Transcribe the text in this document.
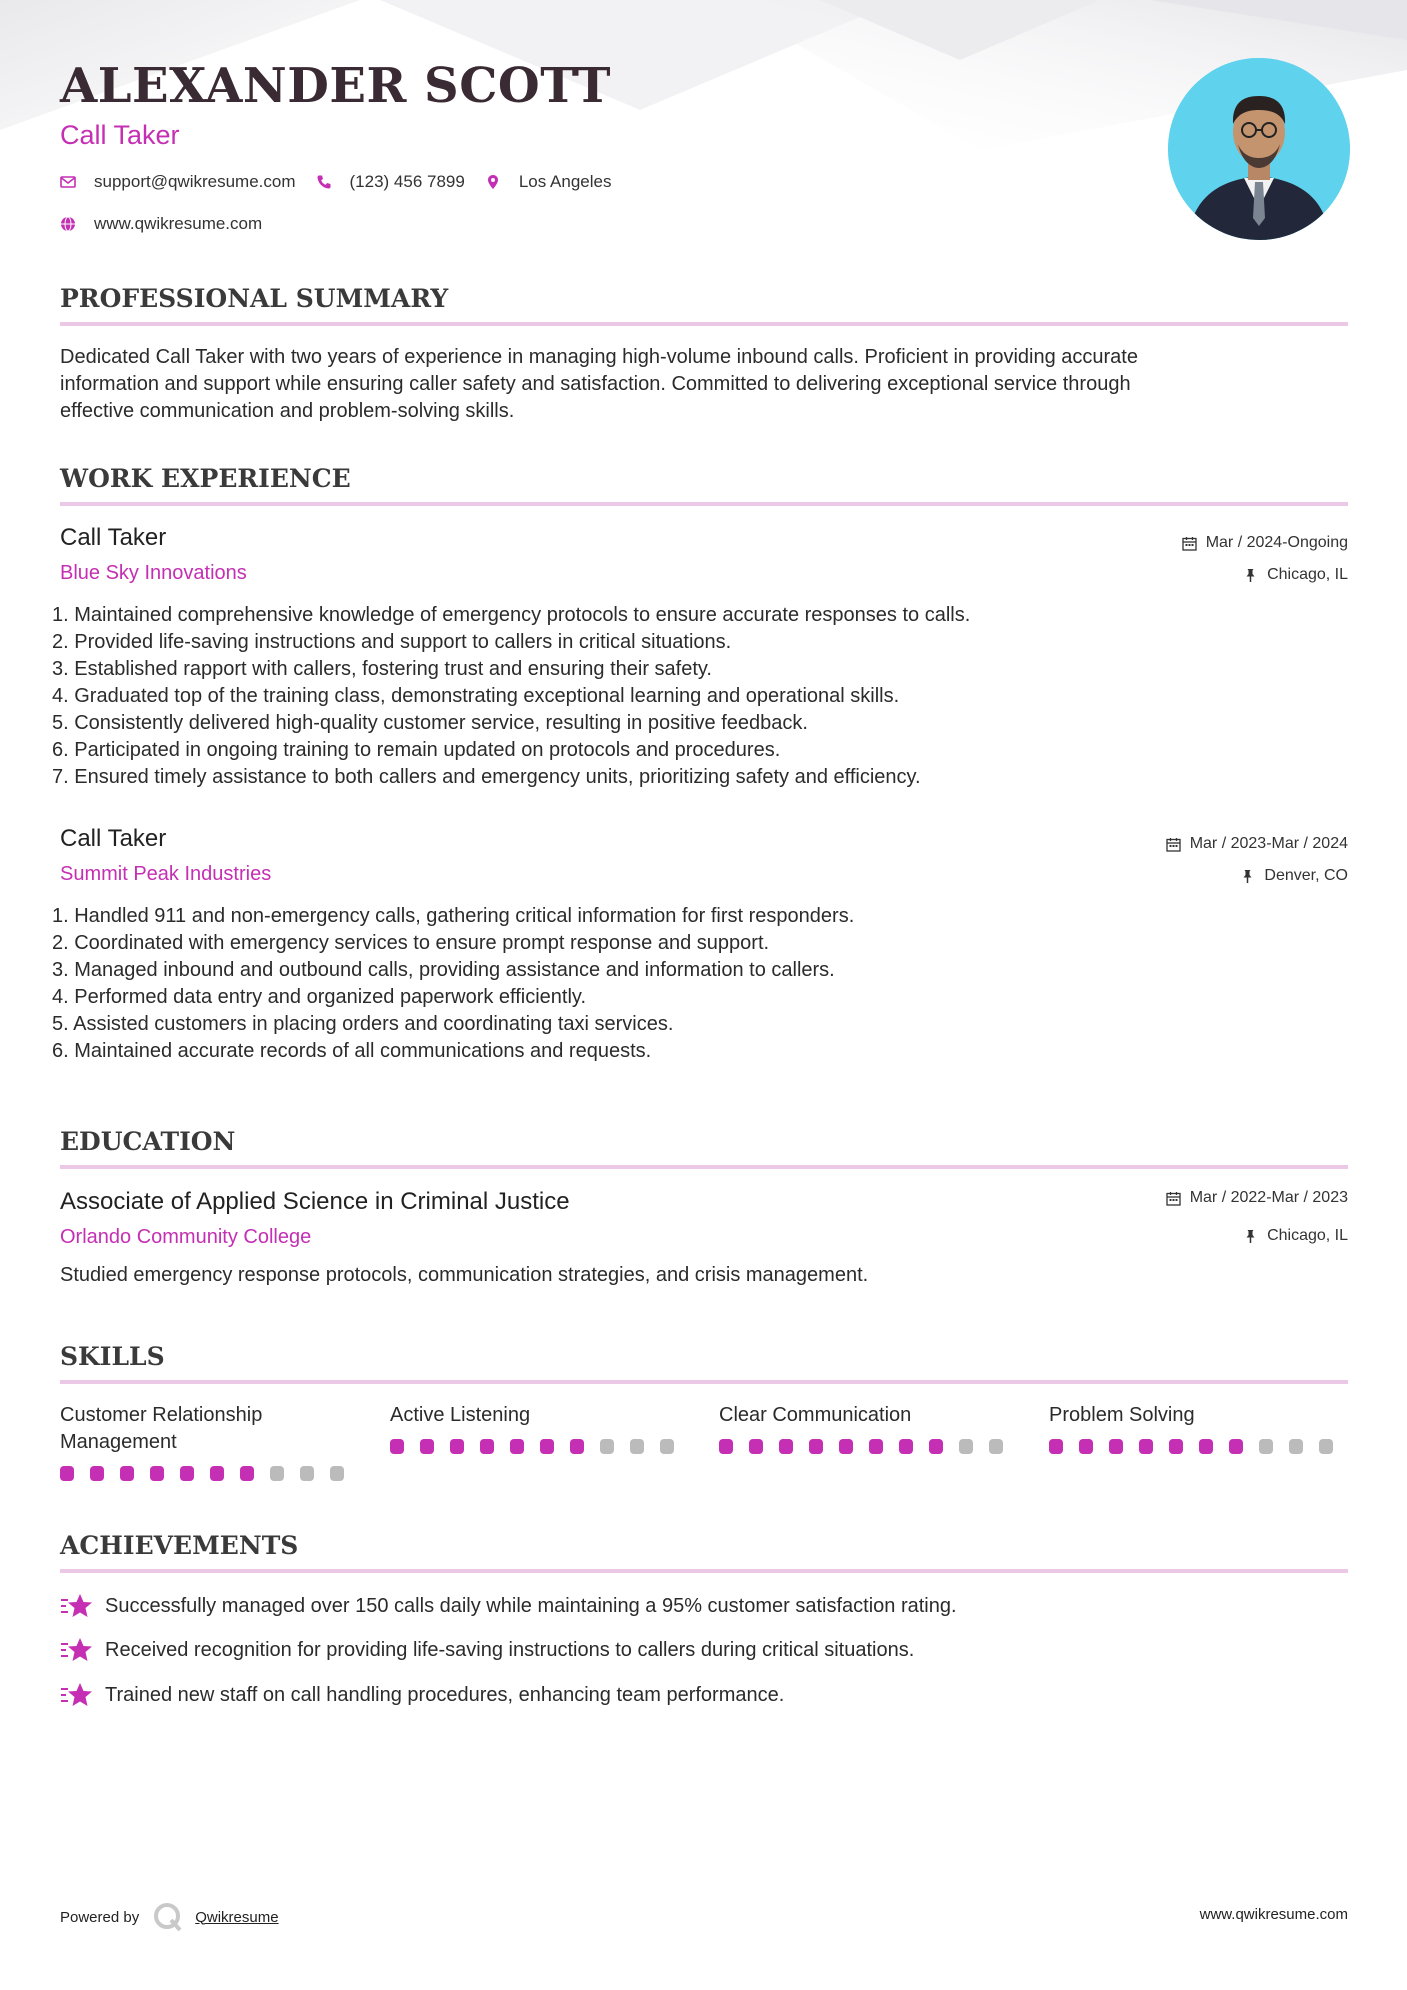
ALEXANDER SCOTT
Call Taker
support@qwikresume.com	(123) 456 7899	Los Angeles
www.qwikresume.com
PROFESSIONAL SUMMARY
Dedicated Call Taker with two years of experience in managing high-volume inbound calls. Proficient in providing accurate
information and support while ensuring caller safety and satisfaction. Committed to delivering exceptional service through
effective communication and problem-solving skills.
WORK EXPERIENCE
Call Taker
Blue Sky Innovations
Mar / 2024-Ongoing
Chicago, IL
1. Maintained comprehensive knowledge of emergency protocols to ensure accurate responses to calls.
2. Provided life-saving instructions and support to callers in critical situations.
3. Established rapport with callers, fostering trust and ensuring their safety.
4. Graduated top of the training class, demonstrating exceptional learning and operational skills.
5. Consistently delivered high-quality customer service, resulting in positive feedback.
6. Participated in ongoing training to remain updated on protocols and procedures.
7. Ensured timely assistance to both callers and emergency units, prioritizing safety and efficiency.
Call Taker
Summit Peak Industries
Mar / 2023-Mar / 2024
Denver, CO
1. Handled 911 and non-emergency calls, gathering critical information for first responders.
2. Coordinated with emergency services to ensure prompt response and support.
3. Managed inbound and outbound calls, providing assistance and information to callers.
4. Performed data entry and organized paperwork efficiently.
5. Assisted customers in placing orders and coordinating taxi services.
6. Maintained accurate records of all communications and requests.
EDUCATION
Associate of Applied Science in Criminal Justice
Orlando Community College
Mar / 2022-Mar / 2023
Chicago, IL
Studied emergency response protocols, communication strategies, and crisis management.
SKILLS
Customer Relationship
Management
Active Listening	Clear Communication	Problem Solving
ACHIEVEMENTS
Successfully managed over 150 calls daily while maintaining a 95% customer satisfaction rating.
Received recognition for providing life-saving instructions to callers during critical situations.
Trained new staff on call handling procedures, enhancing team performance.
Powered by	Qwikresume	www.qwikresume.com
